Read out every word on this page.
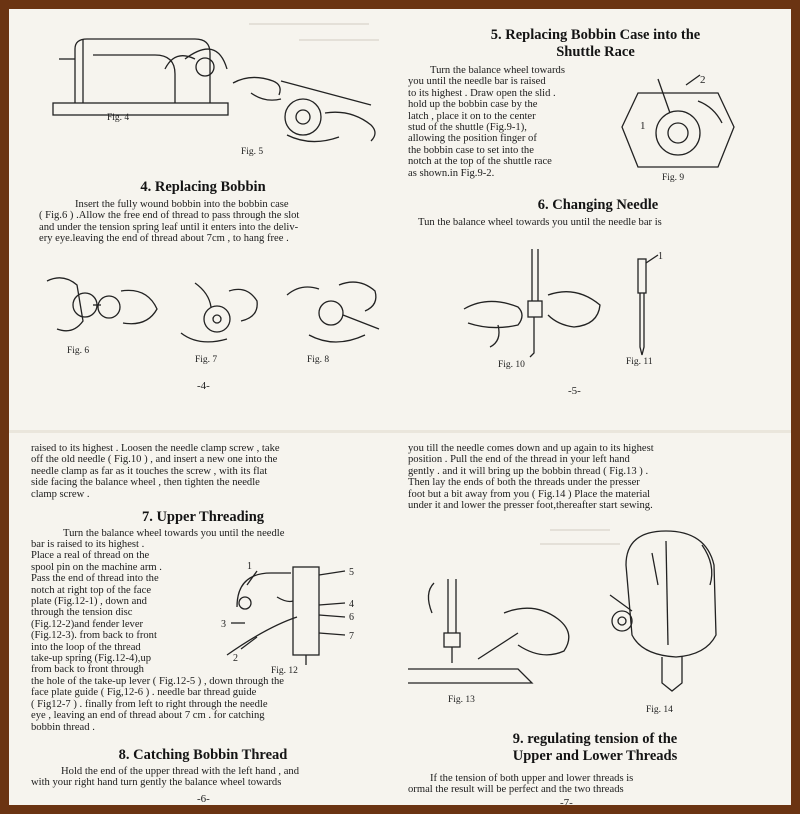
Fig. 4
Fig. 5
4. Replacing Bobbin

Insert the fully wound bobbin into the bobbin case

( Fig.6 ) .Allow the free end of thread to pass through the slot

and under the tension spring leaf until it enters into the deliv-

ery eye.leaving the end of thread about 7cm , to hang free .

Fig. 6
Fig. 7	Fig. 8
-4-
5. Replacing Bobbin Case into the
Shuttle Race

Turn the balance wheel towards

you until the needle bar is raised

to its highest . Draw open the slid .

hold up the bobbin case by the

latch , place it on to the center

stud of the shuttle (Fig.9-1),

allowing the position finger of

the bobbin case to set into the

notch at the top of the shuttle race

as shown.in Fig.9-2.

2
1
Fig. 9
6. Changing Needle

Tun the balance wheel towards you until the needle bar is

Fig. 10
1
Fig. 11
-5-

raised to its highest . Loosen the needle clamp screw , take

off the old needle ( Fig.10 ) , and insert a new one into the

needle clamp as far as it touches the screw , with its flat

side facing the balance wheel , then tighten the needle

clamp screw .

7. Upper Threading

Turn the balance wheel towards you until the needle

bar is raised to its highest .

Place a real of thread on the

spool pin on the machine arm .

Pass the end of thread into the

notch at right top of the face

plate (Fig.12-1) , down and

through the tension disc

(Fig.12-2)and fender lever

(Fig.12-3). from back to front

into the loop of the thread

take-up spring (Fig.12-4),up

from back to front through

1
2
3
4
5
6
7
Fig. 12

the hole of the take-up lever ( Fig.12-5 ) , down through the

face plate guide ( Fig,12-6 ) . needle bar thread guide

( Fig12-7 ) . finally from left to right through the needle

eye , leaving an end of thread about 7 cm . for catching

bobbin thread .

8. Catching Bobbin Thread

Hold the end of the upper thread with the left hand , and

with your right hand turn gently the balance wheel towards

-6-

you till the needle comes down and up again to its highest

position . Pull the end of the thread in your left hand

gently . and it will bring up the bobbin thread ( Fig.13 ) .

Then lay the ends of both the threads under the presser

foot but a bit away from you ( Fig.14 ) Place the material

under it and lower the presser foot,thereafter start sewing.

Fig. 13
Fig. 14
9. regulating tension of the
Upper and Lower Threads

If the tension of both upper and lower threads is

ormal the result will be perfect and the two threads

-7-
